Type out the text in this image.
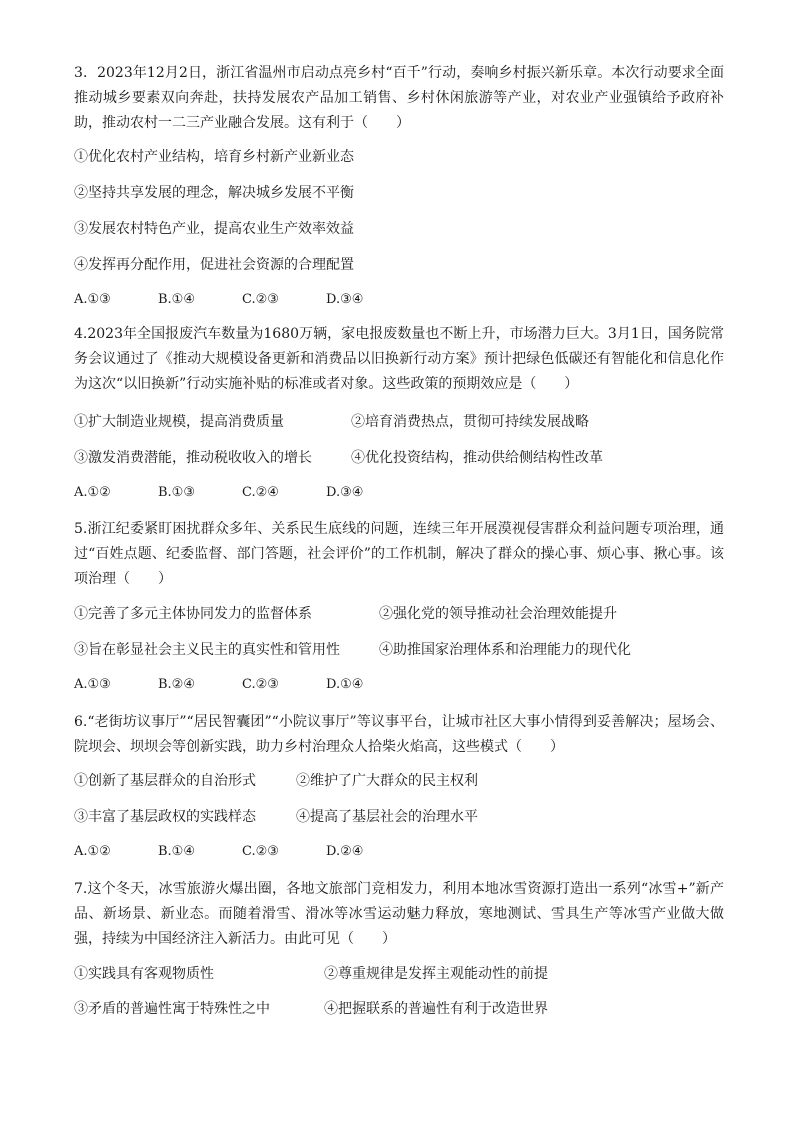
3．2023年12月2日，浙江省温州市启动点亮乡村“百千”行动，奏响乡村振兴新乐章。本次行动要求全面推动城乡要素双向奔赴，扶持发展农产品加工销售、乡村休闲旅游等产业，对农业产业强镇给予政府补助，推动农村一二三产业融合发展。这有利于（　　）

①优化农村产业结构，培育乡村新产业新业态
②坚持共享发展的理念，解决城乡发展不平衡
③发展农村特色产业，提高农业生产效率效益
④发挥再分配作用，促进社会资源的合理配置
A.①③	B.①④	C.②③	D.③④

4.2023年全国报废汽车数量为1680万辆，家电报废数量也不断上升，市场潜力巨大。3月1日，国务院常务会议通过了《推动大规模设备更新和消费品以旧换新行动方案》预计把绿色低碳还有智能化和信息化作为这次“以旧换新”行动实施补贴的标准或者对象。这些政策的预期效应是（　　）

①扩大制造业规模，提高消费质量	②培育消费热点，贯彻可持续发展战略
③激发消费潜能，推动税收收入的增长	④优化投资结构，推动供给侧结构性改革
A.①②	B.①③	C.②④	D.③④

5.浙江纪委紧盯困扰群众多年、关系民生底线的问题，连续三年开展漠视侵害群众利益问题专项治理，通过“百姓点题、纪委监督、部门答题，社会评价”的工作机制，解决了群众的操心事、烦心事、揪心事。该项治理（　　）

①完善了多元主体协同发力的监督体系	②强化党的领导推动社会治理效能提升
③旨在彰显社会主义民主的真实性和管用性	④助推国家治理体系和治理能力的现代化
A.①③	B.②④	C.②③	D.①④

6.“老街坊议事厅”“居民智囊团”“小院议事厅”等议事平台，让城市社区大事小情得到妥善解决；屋场会、院坝会、坝坝会等创新实践，助力乡村治理众人拾柴火焰高，这些模式（　　）

①创新了基层群众的自治形式	②维护了广大群众的民主权利
③丰富了基层政权的实践样态	④提高了基层社会的治理水平
A.①②	B.①④	C.②③	D.②④

7.这个冬天，冰雪旅游火爆出圈，各地文旅部门竞相发力，利用本地冰雪资源打造出一系列“冰雪+”新产品、新场景、新业态。而随着滑雪、滑冰等冰雪运动魅力释放，寒地测试、雪具生产等冰雪产业做大做强，持续为中国经济注入新活力。由此可见（　　）

①实践具有客观物质性	②尊重规律是发挥主观能动性的前提
③矛盾的普遍性寓于特殊性之中	④把握联系的普遍性有利于改造世界
